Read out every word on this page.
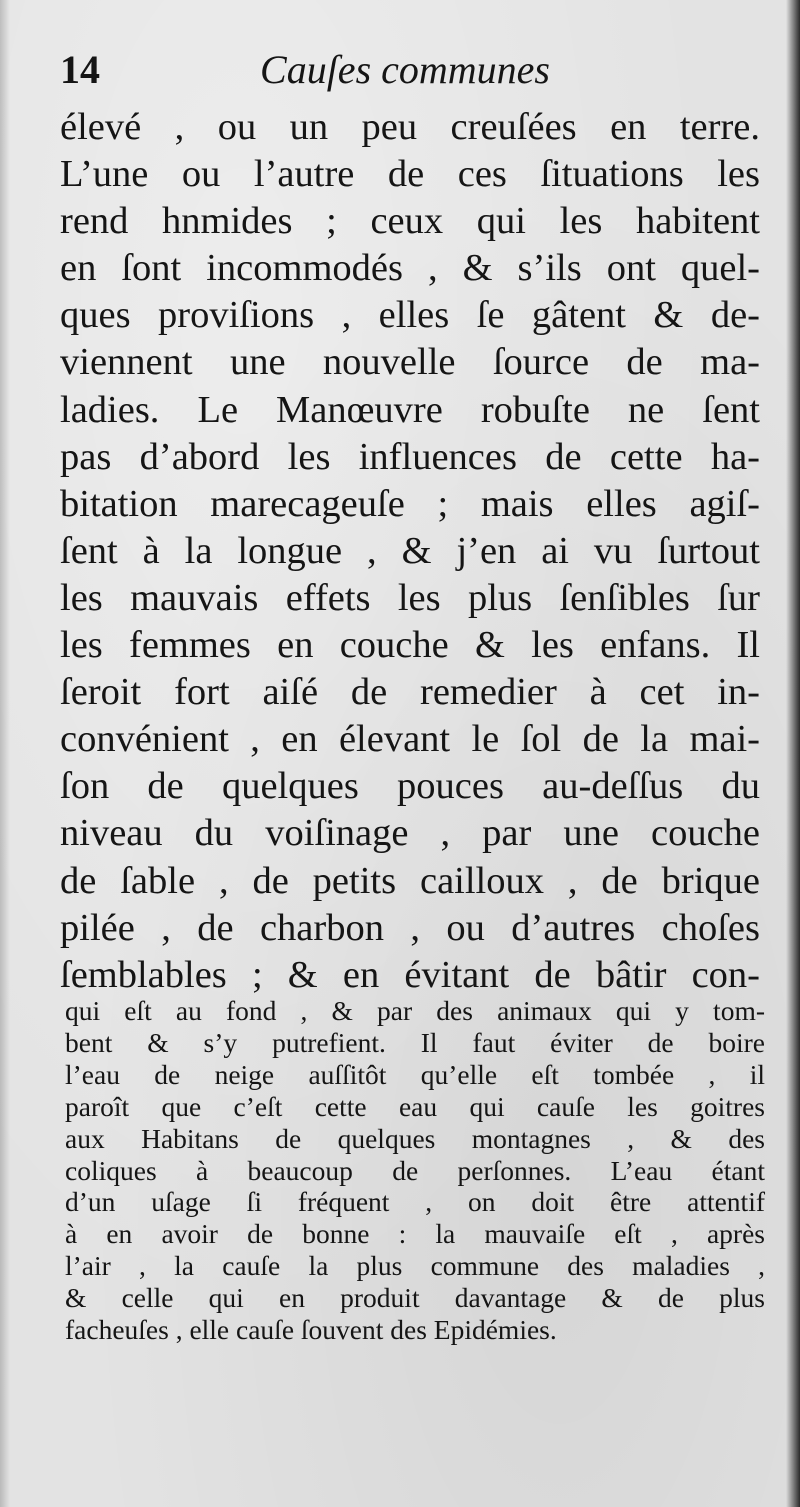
14	Cauſes communes
élevé , ou un peu creuſées en terre.
L’une ou l’autre de ces ſituations les
rend hnmides ; ceux qui les habitent
en ſont incommodés , & s’ils ont quel-
ques proviſions , elles ſe gâtent & de-
viennent une nouvelle ſource de ma-
ladies. Le Manœuvre robuſte ne ſent
pas d’abord les influences de cette ha-
bitation marecageuſe ; mais elles agiſ-
ſent à la longue , & j’en ai vu ſurtout
les mauvais effets les plus ſenſibles ſur
les femmes en couche & les enfans. Il
ſeroit fort aiſé de remedier à cet in-
convénient , en élevant le ſol de la mai-
ſon de quelques pouces au-deſſus du
niveau du voiſinage , par une couche
de ſable , de petits cailloux , de brique
pilée , de charbon , ou d’autres choſes
ſemblables ; & en évitant de bâtir con-
qui eſt au fond , & par des animaux qui y tom-
bent & s’y putrefient. Il faut éviter de boire
l’eau de neige auſſitôt qu’elle eſt tombée , il
paroît que c’eſt cette eau qui cauſe les goitres
aux Habitans de quelques montagnes , & des
coliques à beaucoup de perſonnes. L’eau étant
d’un uſage ſi fréquent , on doit être attentif
à en avoir de bonne : la mauvaiſe eſt , après
l’air , la cauſe la plus commune des maladies ,
& celle qui en produit davantage & de plus
facheuſes , elle cauſe ſouvent des Epidémies.
